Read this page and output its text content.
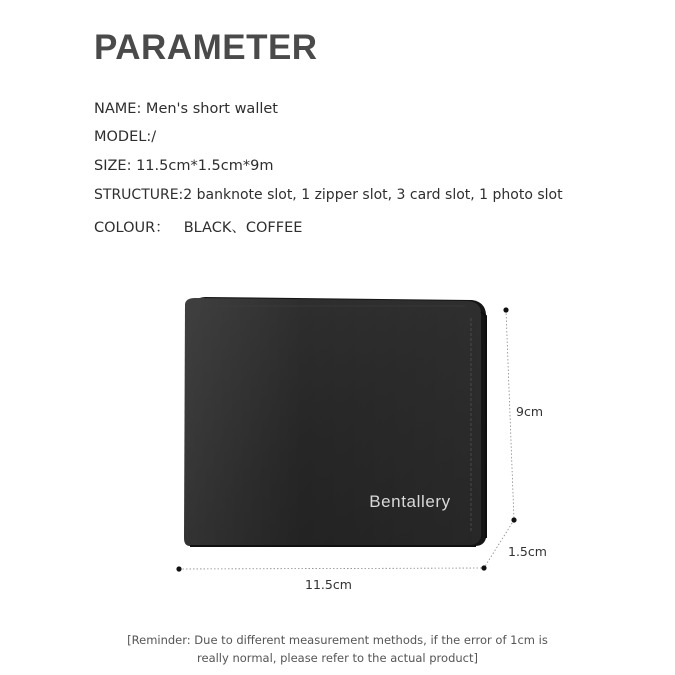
PARAMETER
NAME: Men's short wallet
MODEL:/
SIZE: 11.5cm*1.5cm*9m
STRUCTURE:2 banknote slot, 1 zipper slot, 3 card slot, 1 photo slot
COLOUR： BLACK、COFFEE
Bentallery
9cm
1.5cm
11.5cm
[Reminder: Due to different measurement methods, if the error of 1cm is
really normal, please refer to the actual product]
